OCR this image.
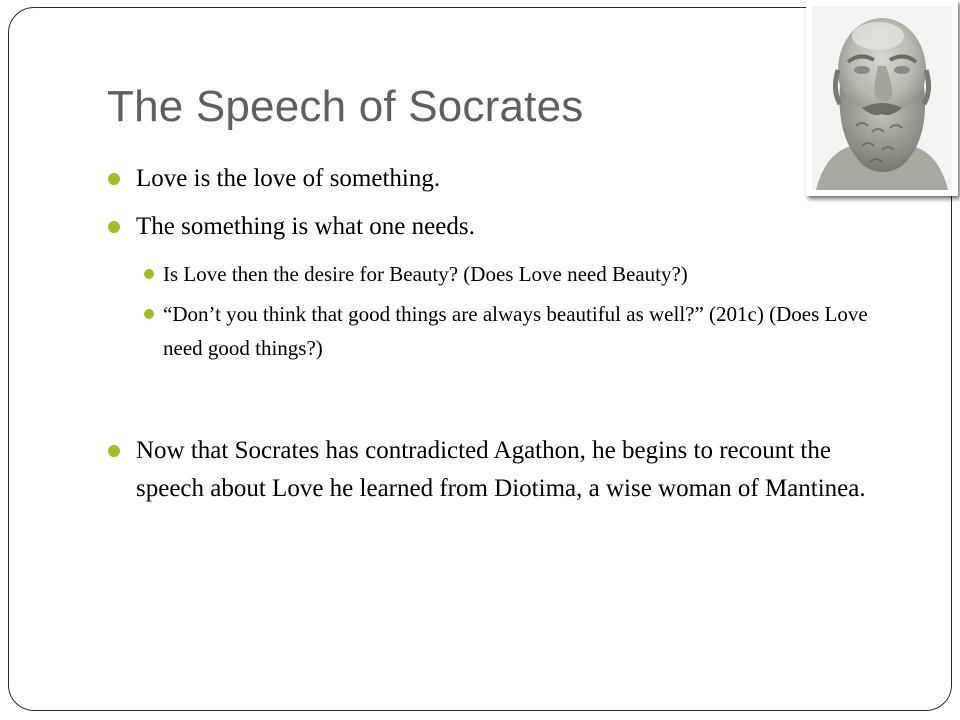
The Speech of Socrates
Love is the love of something.
The something is what one needs.
Is Love then the desire for Beauty? (Does Love need Beauty?)
“Don’t you think that good things are always beautiful as well?” (201c) (Does Love need good things?)
Now that Socrates has contradicted Agathon, he begins to recount the speech about Love he learned from Diotima, a wise woman of Mantinea.
